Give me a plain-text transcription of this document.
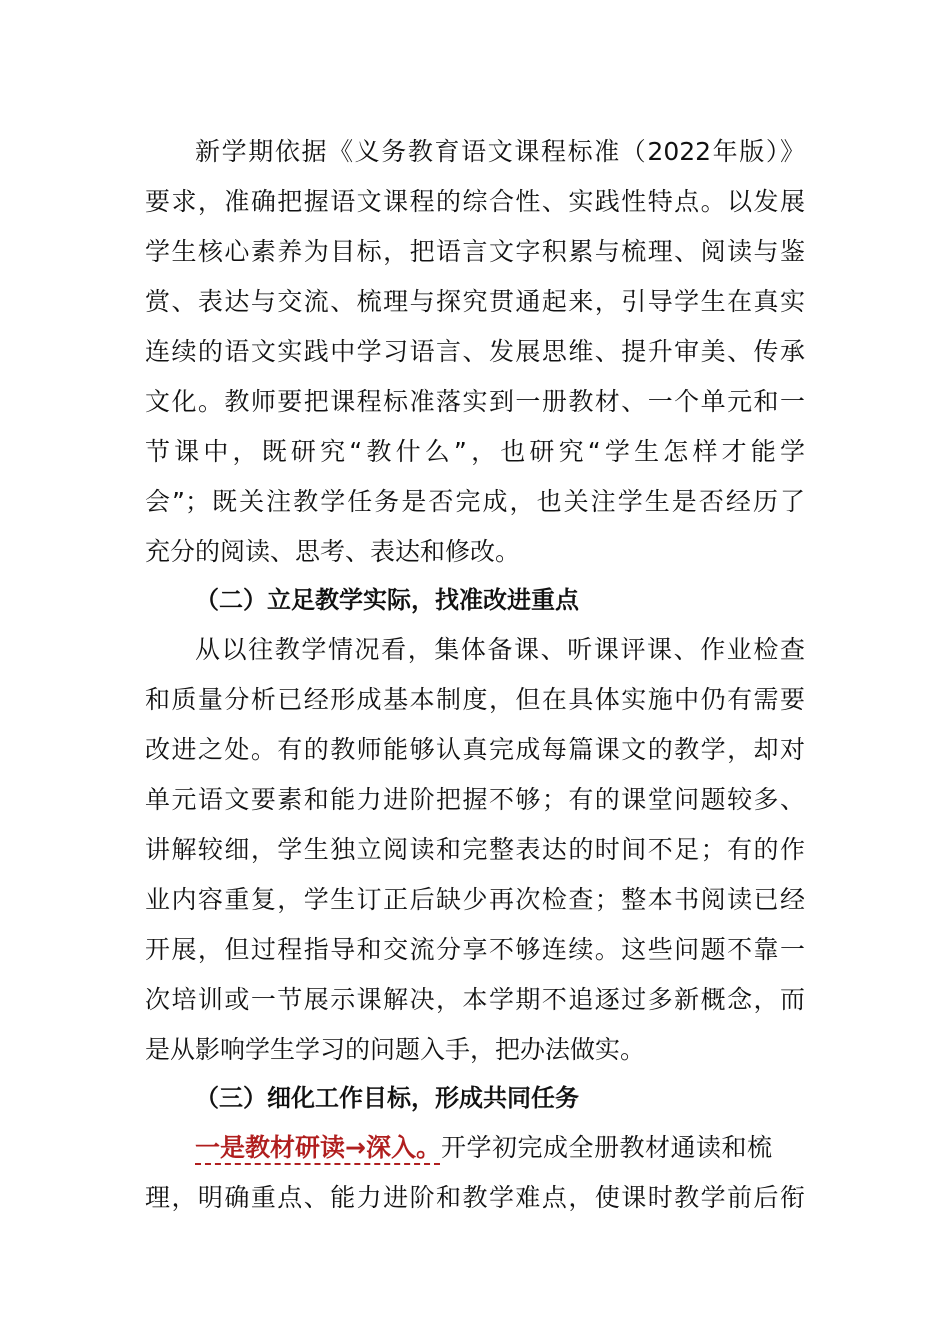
新学期依据《义务教育语文课程标准（2022年版）》
要求，准确把握语文课程的综合性、实践性特点。以发展
学生核心素养为目标，把语言文字积累与梳理、阅读与鉴
赏、表达与交流、梳理与探究贯通起来，引导学生在真实
连续的语文实践中学习语言、发展思维、提升审美、传承
文化。教师要把课程标准落实到一册教材、一个单元和一
节课中，既研究“教什么”，也研究“学生怎样才能学
会”；既关注教学任务是否完成，也关注学生是否经历了
充分的阅读、思考、表达和修改。
（二）立足教学实际，找准改进重点
从以往教学情况看，集体备课、听课评课、作业检查
和质量分析已经形成基本制度，但在具体实施中仍有需要
改进之处。有的教师能够认真完成每篇课文的教学，却对
单元语文要素和能力进阶把握不够；有的课堂问题较多、
讲解较细，学生独立阅读和完整表达的时间不足；有的作
业内容重复，学生订正后缺少再次检查；整本书阅读已经
开展，但过程指导和交流分享不够连续。这些问题不靠一
次培训或一节展示课解决，本学期不追逐过多新概念，而
是从影响学生学习的问题入手，把办法做实。
（三）细化工作目标，形成共同任务
一是教材研读→深入。开学初完成全册教材通读和梳
理，明确重点、能力进阶和教学难点，使课时教学前后衔
